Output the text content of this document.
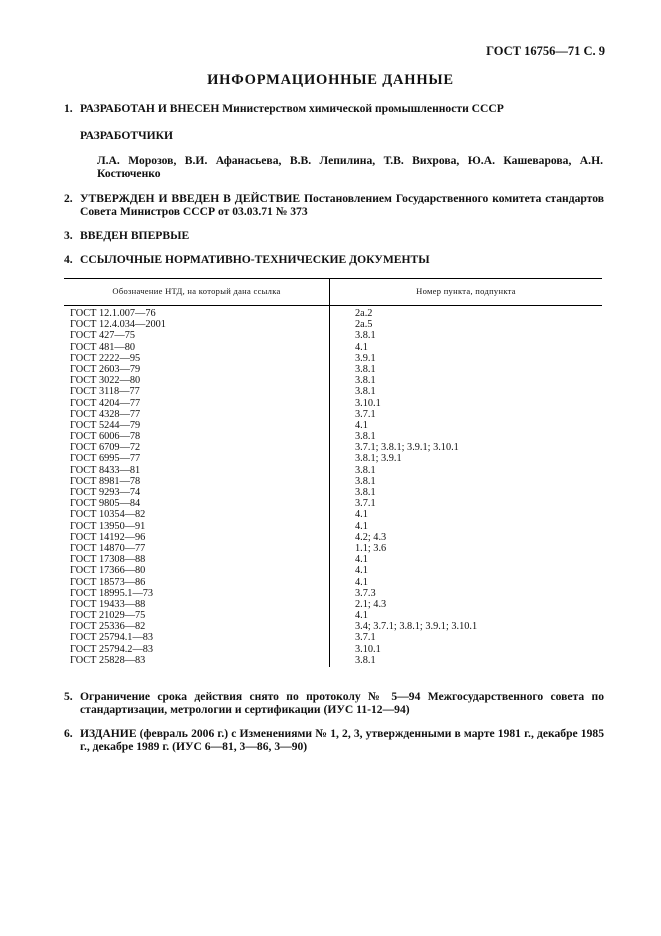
ГОСТ 16756—71 С. 9
ИНФОРМАЦИОННЫЕ ДАННЫЕ
1. РАЗРАБОТАН И ВНЕСЕН Министерством химической промышленности СССР
РАЗРАБОТЧИКИ
Л.А. Морозов, В.И. Афанасьева, В.В. Лепилина, Т.В. Вихрова, Ю.А. Кашеварова, А.Н. Костюченко
2. УТВЕРЖДЕН И ВВЕДЕН В ДЕЙСТВИЕ Постановлением Государственного комитета стандартов Совета Министров СССР от 03.03.71 № 373
3. ВВЕДЕН ВПЕРВЫЕ
4. ССЫЛОЧНЫЕ НОРМАТИВНО-ТЕХНИЧЕСКИЕ ДОКУМЕНТЫ
Обозначение НТД, на который дана ссылка	Номер пункта, подпункта
ГОСТ 12.1.007—76	2а.2
ГОСТ 12.4.034—2001	2а.5
ГОСТ 427—75	3.8.1
ГОСТ 481—80	4.1
ГОСТ 2222—95	3.9.1
ГОСТ 2603—79	3.8.1
ГОСТ 3022—80	3.8.1
ГОСТ 3118—77	3.8.1
ГОСТ 4204—77	3.10.1
ГОСТ 4328—77	3.7.1
ГОСТ 5244—79	4.1
ГОСТ 6006—78	3.8.1
ГОСТ 6709—72	3.7.1; 3.8.1; 3.9.1; 3.10.1
ГОСТ 6995—77	3.8.1; 3.9.1
ГОСТ 8433—81	3.8.1
ГОСТ 8981—78	3.8.1
ГОСТ 9293—74	3.8.1
ГОСТ 9805—84	3.7.1
ГОСТ 10354—82	4.1
ГОСТ 13950—91	4.1
ГОСТ 14192—96	4.2; 4.3
ГОСТ 14870—77	1.1; 3.6
ГОСТ 17308—88	4.1
ГОСТ 17366—80	4.1
ГОСТ 18573—86	4.1
ГОСТ 18995.1—73	3.7.3
ГОСТ 19433—88	2.1; 4.3
ГОСТ 21029—75	4.1
ГОСТ 25336—82	3.4; 3.7.1; 3.8.1; 3.9.1; 3.10.1
ГОСТ 25794.1—83	3.7.1
ГОСТ 25794.2—83	3.10.1
ГОСТ 25828—83	3.8.1
5. Ограничение срока действия снято по протоколу № 5—94 Межгосударственного совета по стандартизации, метрологии и сертификации (ИУС 11-12—94)
6. ИЗДАНИЕ (февраль 2006 г.) с Изменениями № 1, 2, 3, утвержденными в марте 1981 г., декабре 1985 г., декабре 1989 г. (ИУС 6—81, 3—86, 3—90)
